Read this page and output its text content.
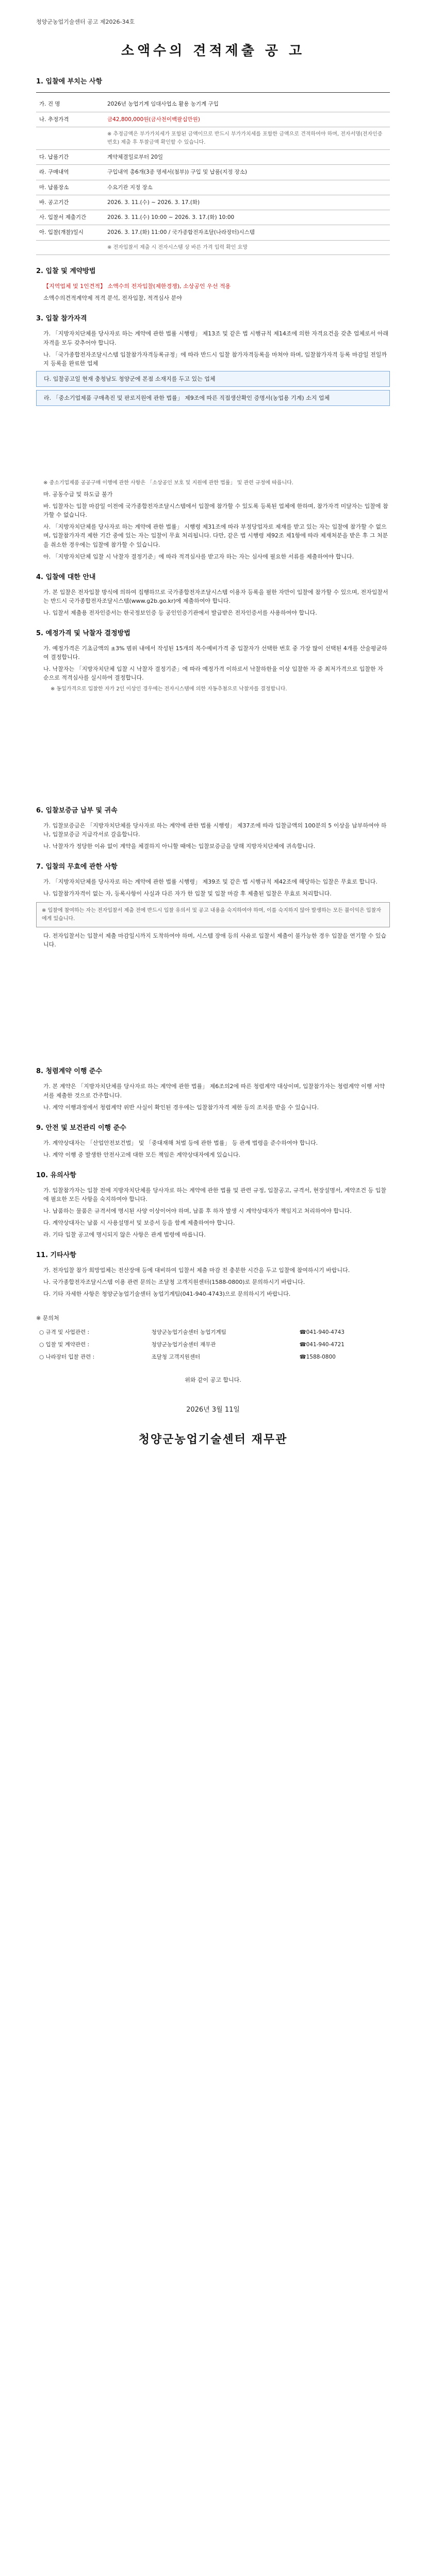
청양군농업기술센터 공고 제2026-34호
소액수의 견적제출 공 고
1. 입찰에 부치는 사항
가. 건 명	2026년 농업기계 임대사업소 활용 농기계 구입
나. 추정가격	금42,800,000원(금사천이백팔십만원)
	※ 추정금액은 부가가치세가 포함된 금액이므로 반드시 부가가치세를 포함한 금액으로 견적하여야 하며, 전자서명(전자인증번호) 제출 후 투찰금액 확인할 수 있습니다.
다. 납품기간	계약체결일로부터 20일
라. 구매내역	구입내역 총6개(3종 명세서(첨부)) 구입 및 납품(지정 장소)
마. 납품장소	수요기관 지정 장소
바. 공고기간	2026. 3. 11.(수) ~ 2026. 3. 17.(화)
사. 입찰서 제출기간	2026. 3. 11.(수) 10:00 ~ 2026. 3. 17.(화) 10:00
아. 입찰(개찰)일시	2026. 3. 17.(화) 11:00 / 국가종합전자조달(나라장터)시스템
	※ 전자입찰서 제출 시 전자시스템 상 바른 가격 입력 확인 요망
2. 입찰 및 계약방법

【지역업체 및 1인견적】 소액수의 전자입찰(제한경쟁), 소상공인 우선 적용

소액수의견적계약제 적격 분석, 전자입찰, 적격심사 분야

3. 입찰 참가자격

가. 「지방자치단체를 당사자로 하는 계약에 관한 법률 시행령」 제13조 및 같은 법 시행규칙 제14조에 의한 자격요건을 갖춘 업체로서 아래 자격을 모두 갖추어야 합니다.

나. 「국가종합전자조달시스템 입찰참가자격등록규정」에 따라 반드시 입찰 참가자격등록을 마쳐야 하며, 입찰참가자격 등록 마감일 전일까지 등록을 완료한 업체

다. 입찰공고일 현재 충청남도 청양군에 본점 소재지를 두고 있는 업체

라. 「중소기업제품 구매촉진 및 판로지원에 관한 법률」 제9조에 따른 직접생산확인 증명서(농업용 기계) 소지 업체

※ 중소기업제품 공공구매 이행에 관한 사항은 「소상공인 보호 및 지원에 관한 법률」 및 관련 규정에 따릅니다.

마. 공동수급 및 하도급 불가

바. 입찰자는 입찰 마감일 이전에 국가종합전자조달시스템에서 입찰에 참가할 수 있도록 등록된 업체에 한하며, 참가자격 미달자는 입찰에 참가할 수 없습니다.

사. 「지방자치단체를 당사자로 하는 계약에 관한 법률」 시행령 제31조에 따라 부정당업자로 제재를 받고 있는 자는 입찰에 참가할 수 없으며, 입찰참가자격 제한 기간 중에 있는 자는 입찰이 무효 처리됩니다. 다만, 같은 법 시행령 제92조 제1항에 따라 제재처분을 받은 후 그 처분을 취소한 경우에는 입찰에 참가할 수 있습니다.

아. 「지방자치단체 입찰 시 낙찰자 결정기준」에 따라 적격심사를 받고자 하는 자는 심사에 필요한 서류를 제출하여야 합니다.

4. 입찰에 대한 안내

가. 본 입찰은 전자입찰 방식에 의하여 집행하므로 국가종합전자조달시스템 이용자 등록을 필한 자만이 입찰에 참가할 수 있으며, 전자입찰서는 반드시 국가종합전자조달시스템(www.g2b.go.kr)에 제출하여야 합니다.

나. 입찰서 제출용 전자인증서는 한국정보인증 등 공인인증기관에서 발급받은 전자인증서를 사용하여야 합니다.

5. 예정가격 및 낙찰자 결정방법

가. 예정가격은 기초금액의 ±3% 범위 내에서 작성된 15개의 복수예비가격 중 입찰자가 선택한 번호 중 가장 많이 선택된 4개를 산술평균하여 결정합니다.

나. 낙찰자는 「지방자치단체 입찰 시 낙찰자 결정기준」에 따라 예정가격 이하로서 낙찰하한율 이상 입찰한 자 중 최저가격으로 입찰한 자 순으로 적격심사를 실시하여 결정합니다.

※ 동일가격으로 입찰한 자가 2인 이상인 경우에는 전자시스템에 의한 자동추첨으로 낙찰자를 결정합니다.

6. 입찰보증금 납부 및 귀속

가. 입찰보증금은 「지방자치단체를 당사자로 하는 계약에 관한 법률 시행령」 제37조에 따라 입찰금액의 100분의 5 이상을 납부하여야 하나, 입찰보증금 지급각서로 갈음합니다.

나. 낙찰자가 정당한 이유 없이 계약을 체결하지 아니할 때에는 입찰보증금을 당해 지방자치단체에 귀속합니다.

7. 입찰의 무효에 관한 사항

가. 「지방자치단체를 당사자로 하는 계약에 관한 법률 시행령」 제39조 및 같은 법 시행규칙 제42조에 해당하는 입찰은 무효로 합니다.

나. 입찰참가자격이 없는 자, 등록사항이 사실과 다른 자가 한 입찰 및 입찰 마감 후 제출된 입찰은 무효로 처리합니다.

※ 입찰에 참여하는 자는 전자입찰서 제출 전에 반드시 입찰 유의서 및 공고 내용을 숙지하여야 하며, 이를 숙지하지 않아 발생하는 모든 불이익은 입찰자에게 있습니다.

다. 전자입찰서는 입찰서 제출 마감일시까지 도착하여야 하며, 시스템 장애 등의 사유로 입찰서 제출이 불가능한 경우 입찰을 연기할 수 있습니다.

8. 청렴계약 이행 준수

가. 본 계약은 「지방자치단체를 당사자로 하는 계약에 관한 법률」 제6조의2에 따른 청렴계약 대상이며, 입찰참가자는 청렴계약 이행 서약서를 제출한 것으로 간주합니다.

나. 계약 이행과정에서 청렴계약 위반 사실이 확인된 경우에는 입찰참가자격 제한 등의 조치를 받을 수 있습니다.

9. 안전 및 보건관리 이행 준수

가. 계약상대자는 「산업안전보건법」 및 「중대재해 처벌 등에 관한 법률」 등 관계 법령을 준수하여야 합니다.

나. 계약 이행 중 발생한 안전사고에 대한 모든 책임은 계약상대자에게 있습니다.

10. 유의사항

가. 입찰참가자는 입찰 전에 지방자치단체를 당사자로 하는 계약에 관한 법률 및 관련 규정, 입찰공고, 규격서, 현장설명서, 계약조건 등 입찰에 필요한 모든 사항을 숙지하여야 합니다.

나. 납품하는 물품은 규격서에 명시된 사양 이상이어야 하며, 납품 후 하자 발생 시 계약상대자가 책임지고 처리하여야 합니다.

다. 계약상대자는 납품 시 사용설명서 및 보증서 등을 함께 제출하여야 합니다.

라. 기타 입찰 공고에 명시되지 않은 사항은 관계 법령에 따릅니다.

11. 기타사항

가. 전자입찰 참가 희망업체는 전산장애 등에 대비하여 입찰서 제출 마감 전 충분한 시간을 두고 입찰에 참여하시기 바랍니다.

나. 국가종합전자조달시스템 이용 관련 문의는 조달청 고객지원센터(1588-0800)로 문의하시기 바랍니다.

다. 기타 자세한 사항은 청양군농업기술센터 농업기계팀(041-940-4743)으로 문의하시기 바랍니다.

※ 문의처
○ 규격 및 사업관련 :	청양군농업기술센터 농업기계팀	☎041-940-4743
○ 입찰 및 계약관련 :	청양군농업기술센터 재무관	☎041-940-4721
○ 나라장터 입찰 관련 :	조달청 고객지원센터	☎1588-0800
위와 같이 공고 합니다.
2026년 3월 11일
청양군농업기술센터 재무관
